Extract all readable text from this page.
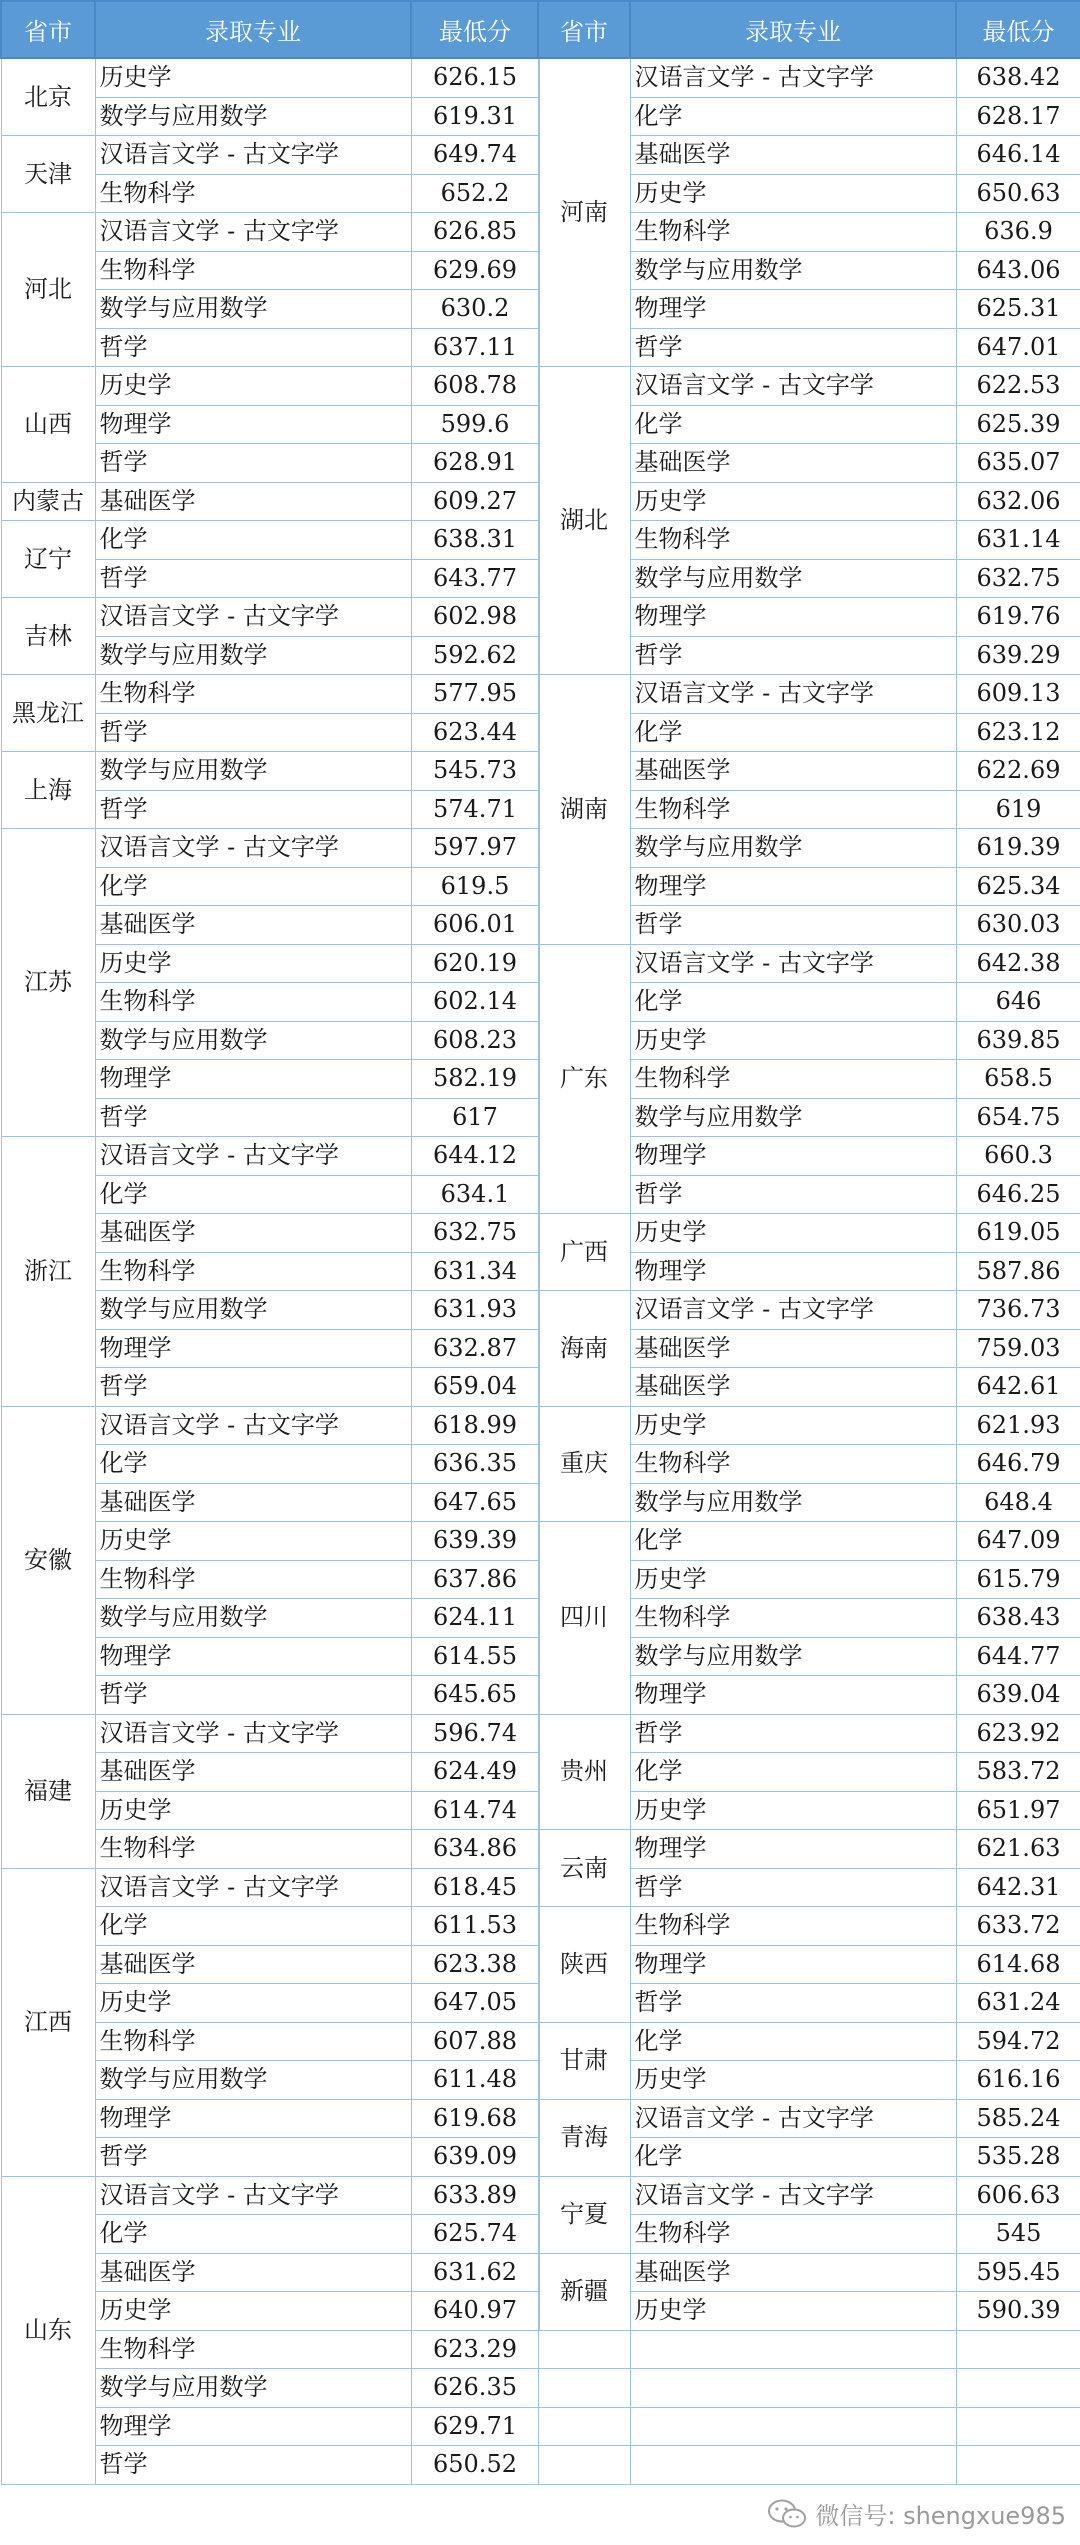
省市	录取专业	最低分
北京	历史学	626.15
	数学与应用数学	619.31
天津	汉语言文学 - 古文字学	649.74
	生物科学	652.2
河北	汉语言文学 - 古文字学	626.85
	生物科学	629.69
	数学与应用数学	630.2
	哲学	637.11
山西	历史学	608.78
	物理学	599.6
	哲学	628.91
内蒙古	基础医学	609.27
辽宁	化学	638.31
	哲学	643.77
吉林	汉语言文学 - 古文字学	602.98
	数学与应用数学	592.62
黑龙江	生物科学	577.95
	哲学	623.44
上海	数学与应用数学	545.73
	哲学	574.71
江苏	汉语言文学 - 古文字学	597.97
	化学	619.5
	基础医学	606.01
	历史学	620.19
	生物科学	602.14
	数学与应用数学	608.23
	物理学	582.19
	哲学	617
浙江	汉语言文学 - 古文字学	644.12
	化学	634.1
	基础医学	632.75
	生物科学	631.34
	数学与应用数学	631.93
	物理学	632.87
	哲学	659.04
安徽	汉语言文学 - 古文字学	618.99
	化学	636.35
	基础医学	647.65
	历史学	639.39
	生物科学	637.86
	数学与应用数学	624.11
	物理学	614.55
	哲学	645.65
福建	汉语言文学 - 古文字学	596.74
	基础医学	624.49
	历史学	614.74
	生物科学	634.86
江西	汉语言文学 - 古文字学	618.45
	化学	611.53
	基础医学	623.38
	历史学	647.05
	生物科学	607.88
	数学与应用数学	611.48
	物理学	619.68
	哲学	639.09
山东	汉语言文学 - 古文字学	633.89
	化学	625.74
	基础医学	631.62
	历史学	640.97
	生物科学	623.29
	数学与应用数学	626.35
	物理学	629.71
	哲学	650.52
省市	录取专业	最低分
河南	汉语言文学 - 古文字学	638.42
	化学	628.17
	基础医学	646.14
	历史学	650.63
	生物科学	636.9
	数学与应用数学	643.06
	物理学	625.31
	哲学	647.01
湖北	汉语言文学 - 古文字学	622.53
	化学	625.39
	基础医学	635.07
	历史学	632.06
	生物科学	631.14
	数学与应用数学	632.75
	物理学	619.76
	哲学	639.29
湖南	汉语言文学 - 古文字学	609.13
	化学	623.12
	基础医学	622.69
	生物科学	619
	数学与应用数学	619.39
	物理学	625.34
	哲学	630.03
广东	汉语言文学 - 古文字学	642.38
	化学	646
	历史学	639.85
	生物科学	658.5
	数学与应用数学	654.75
	物理学	660.3
	哲学	646.25
广西	历史学	619.05
	物理学	587.86
海南	汉语言文学 - 古文字学	736.73
	基础医学	759.03
	基础医学	642.61
重庆	历史学	621.93
	生物科学	646.79
	数学与应用数学	648.4
四川	化学	647.09
	历史学	615.79
	生物科学	638.43
	数学与应用数学	644.77
	物理学	639.04
贵州	哲学	623.92
	化学	583.72
	历史学	651.97
云南	物理学	621.63
	哲学	642.31
陕西	生物科学	633.72
	物理学	614.68
	哲学	631.24
甘肃	化学	594.72
	历史学	616.16
青海	汉语言文学 - 古文字学	585.24
	化学	535.28
宁夏	汉语言文学 - 古文字学	606.63
	生物科学	545
新疆	基础医学	595.45
	历史学	590.39

微信号: shengxue985
